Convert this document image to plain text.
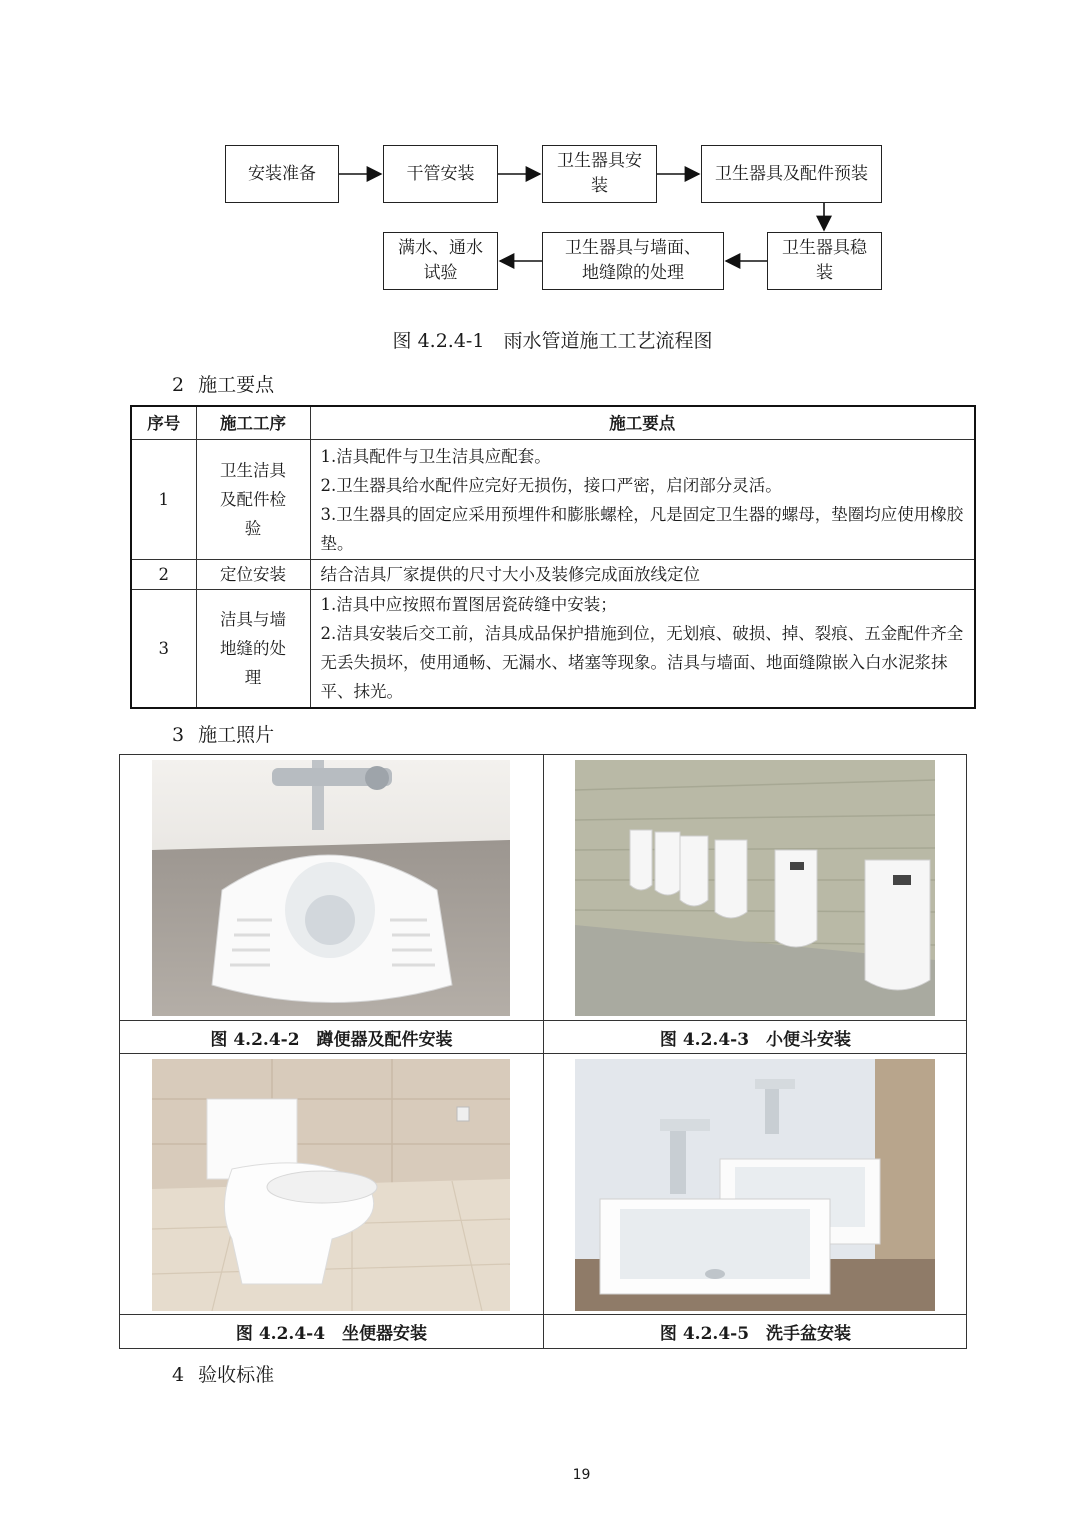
安装准备	干管安装
卫生器具安装
卫生器具及配件预装
卫生器具稳装
卫生器具与墙面、地缝隙的处理
满水、通水试验
图 4.2.4-1　雨水管道施工工艺流程图
2 施工要点
序号	施工工序	施工要点
1	卫生洁具及配件检验	1.洁具配件与卫生洁具应配套。
2.卫生器具给水配件应完好无损伤，接口严密，启闭部分灵活。
3.卫生器具的固定应采用预埋件和膨胀螺栓，凡是固定卫生器的螺母，垫圈均应使用橡胶垫。

2	定位安装	结合洁具厂家提供的尺寸大小及装修完成面放线定位

3	洁具与墙地缝的处理	1.洁具中应按照布置图居瓷砖缝中安装；
2.洁具安装后交工前，洁具成品保护措施到位，无划痕、破损、掉、裂痕、五金配件齐全无丢失损坏，使用通畅、无漏水、堵塞等现象。洁具与墙面、地面缝隙嵌入白水泥浆抹平、抹光。
3 施工照片
图 4.2.4-2　蹲便器及配件安装	图 4.2.4-3　小便斗安装
图 4.2.4-4　坐便器安装	图 4.2.4-5　洗手盆安装
4 验收标准
19
